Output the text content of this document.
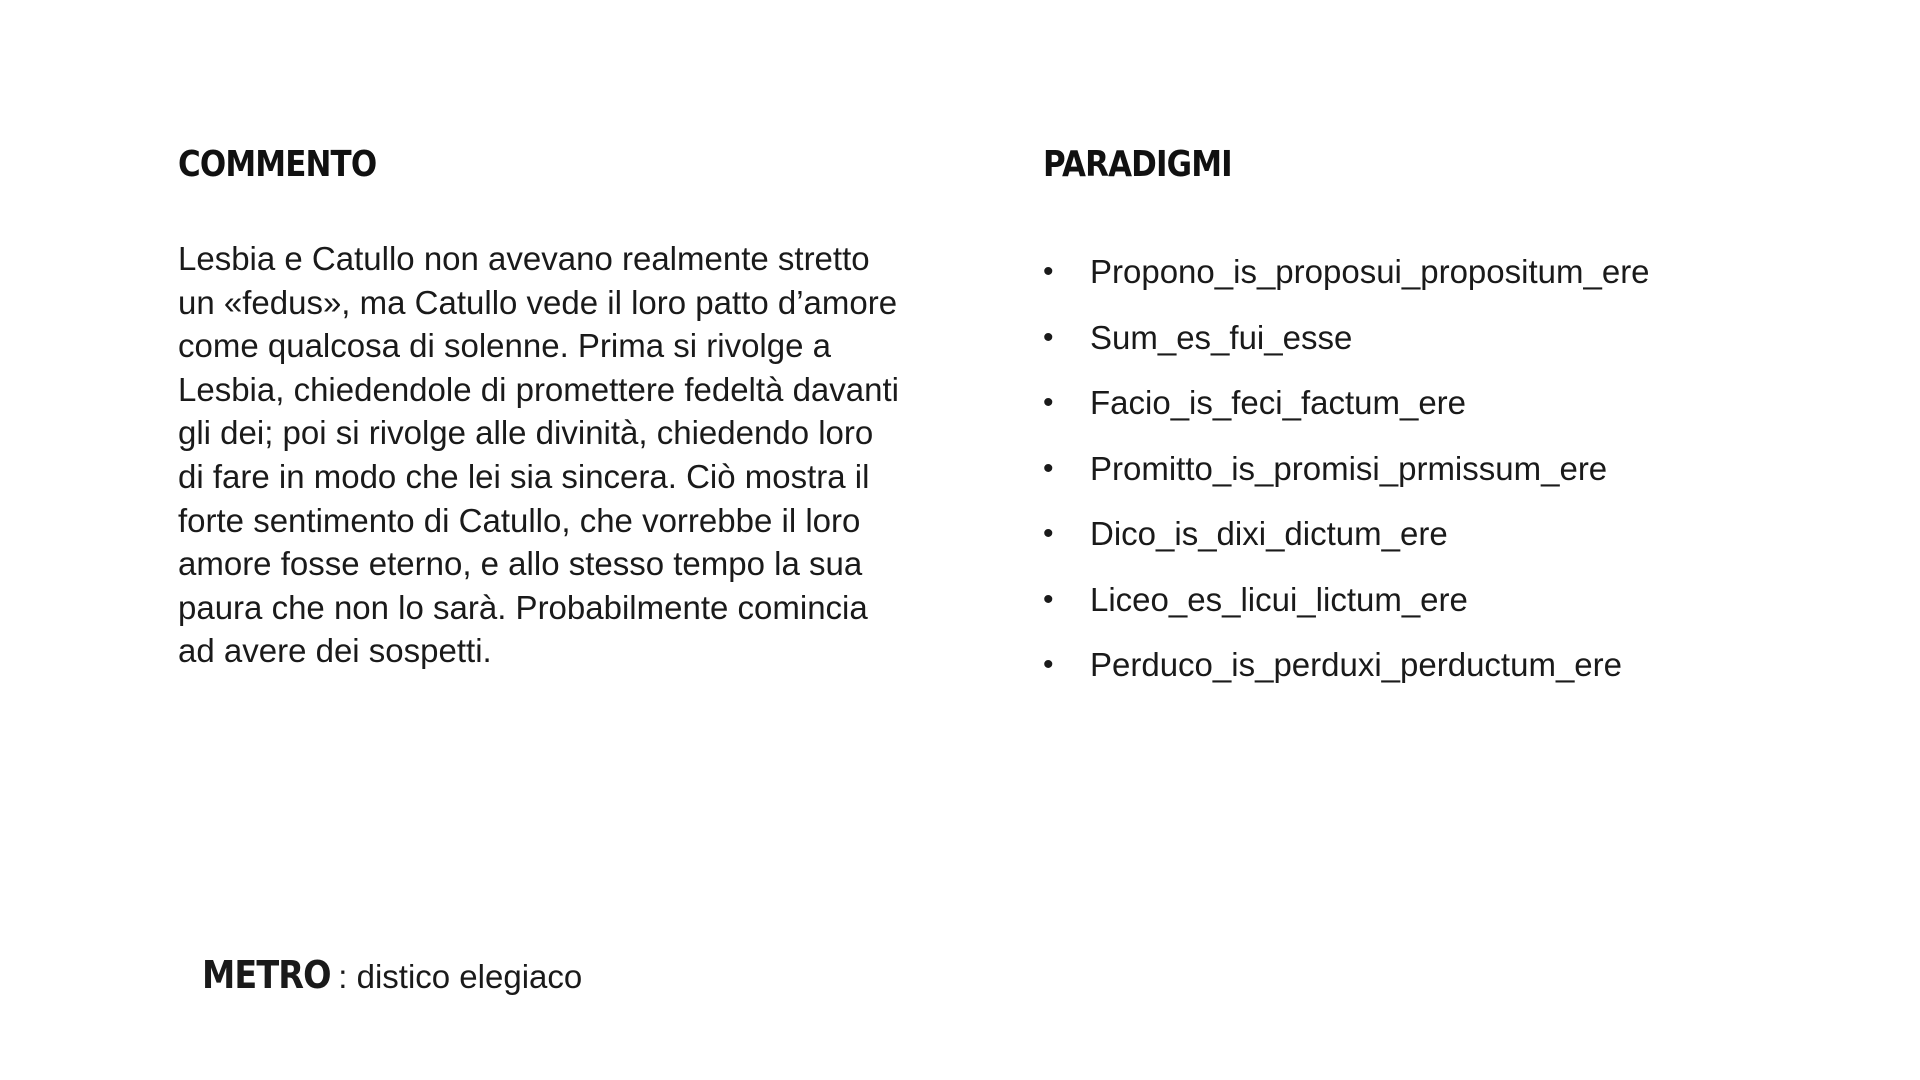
COMMENTO

Lesbia e Catullo non avevano realmente stretto un «fedus», ma Catullo vede il loro patto d’amore come qualcosa di solenne. Prima si rivolge a Lesbia, chiedendole di promettere fedeltà davanti gli dei; poi si rivolge alle divinità, chiedendo loro di fare in modo che lei sia sincera. Ciò mostra il forte sentimento di Catullo, che vorrebbe il loro amore fosse eterno, e allo stesso tempo la sua paura che non lo sarà. Probabilmente comincia ad avere dei sospetti.

PARADIGMI
• Propono_is_proposui_propositum_ere
• Sum_es_fui_esse
• Facio_is_feci_factum_ere
• Promitto_is_promisi_prmissum_ere
• Dico_is_dixi_dictum_ere
• Liceo_es_licui_lictum_ere
• Perduco_is_perduxi_perductum_ere
METRO : distico elegiaco
